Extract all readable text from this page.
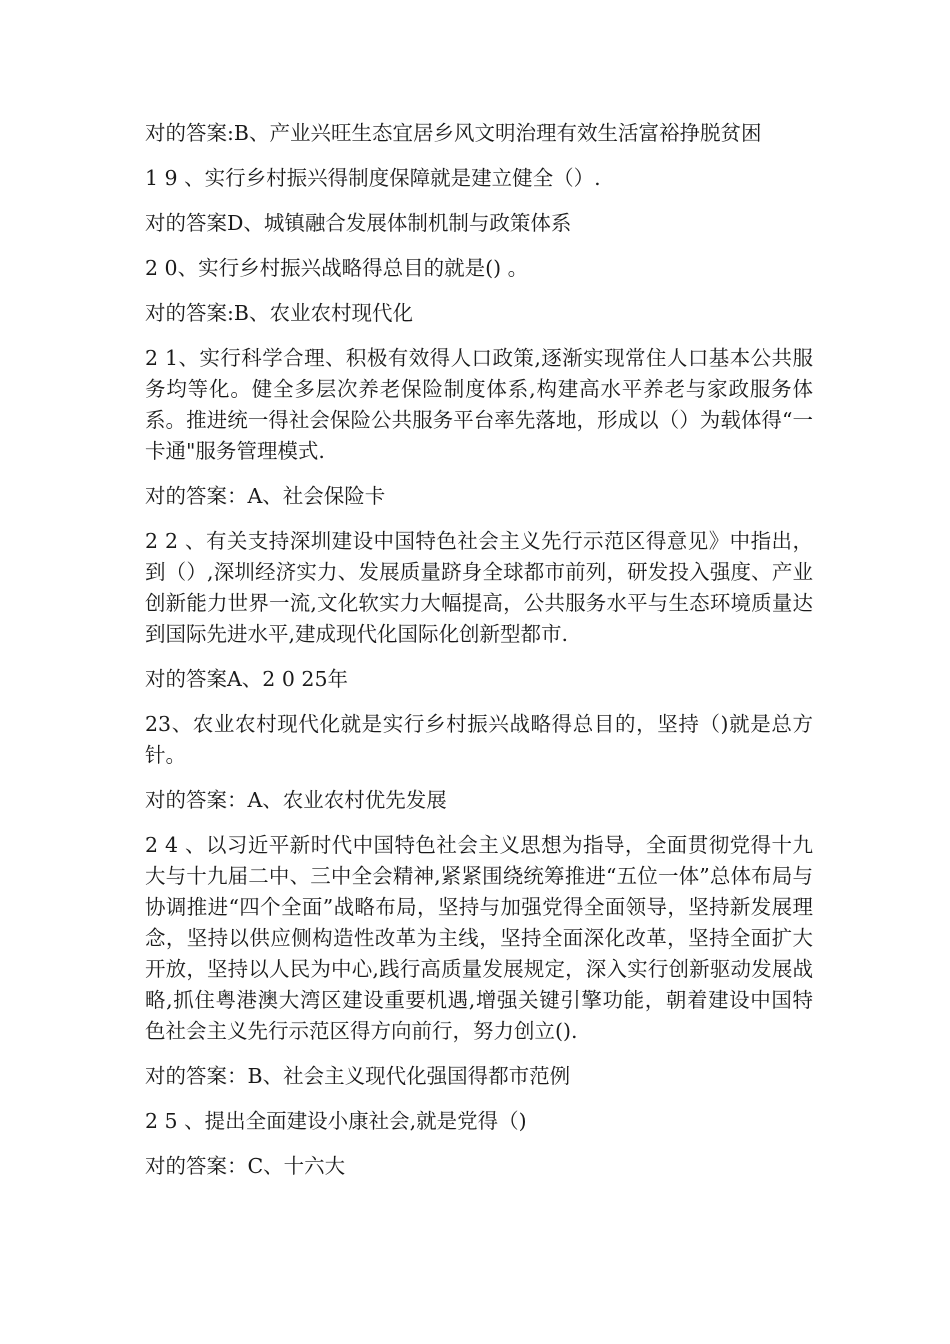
对的答案:B、产业兴旺生态宜居乡风文明治理有效生活富裕挣脱贫困

1 9 、实行乡村振兴得制度保障就是建立健全（）.

对的答案D、城镇融合发展体制机制与政策体系

2 0、实行乡村振兴战略得总目的就是() 。

对的答案:B、农业农村现代化

2 1、实行科学合理、积极有效得人口政策,逐渐实现常住人口基本公共服务均等化。健全多层次养老保险制度体系,构建高水平养老与家政服务体系。推进统一得社会保险公共服务平台率先落地，形成以（）为载体得“一卡通"服务管理模式.

对的答案：A、社会保险卡

2 2 、有关支持深圳建设中国特色社会主义先行示范区得意见》中指出，到（）,深圳经济实力、发展质量跻身全球都市前列，研发投入强度、产业创新能力世界一流,文化软实力大幅提高，公共服务水平与生态环境质量达到国际先进水平,建成现代化国际化创新型都市.

对的答案A、2 0 25年

23、农业农村现代化就是实行乡村振兴战略得总目的，坚持（)就是总方针。

对的答案：A、农业农村优先发展

2 4 、以习近平新时代中国特色社会主义思想为指导，全面贯彻党得十九大与十九届二中、三中全会精神,紧紧围绕统筹推进“五位一体”总体布局与协调推进“四个全面”战略布局，坚持与加强党得全面领导，坚持新发展理念，坚持以供应侧构造性改革为主线，坚持全面深化改革，坚持全面扩大开放，坚持以人民为中心,践行高质量发展规定，深入实行创新驱动发展战略,抓住粤港澳大湾区建设重要机遇,增强关键引擎功能，朝着建设中国特色社会主义先行示范区得方向前行，努力创立().

对的答案：B、社会主义现代化强国得都市范例

2 5 、提出全面建设小康社会,就是党得（)

对的答案：C、十六大
